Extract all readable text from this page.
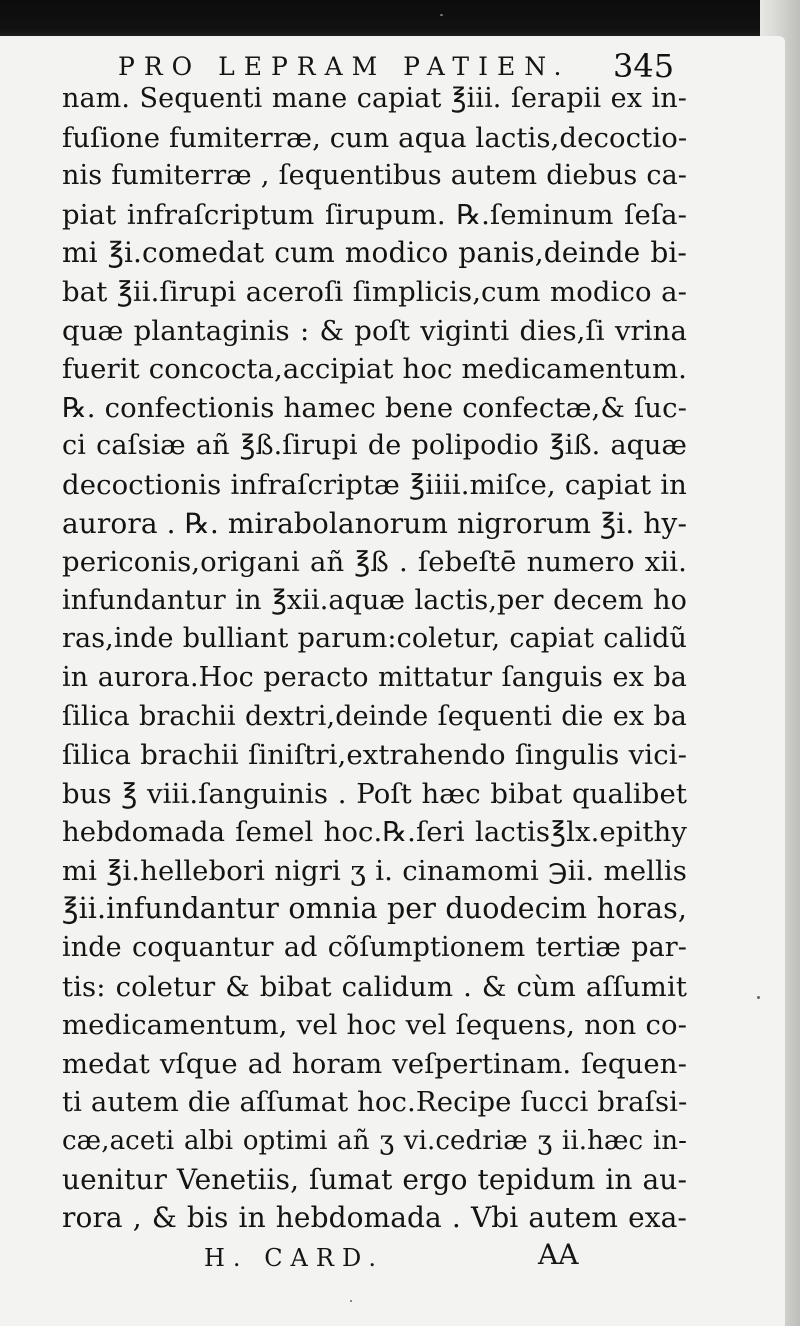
PRO LEPRAM PATIEN. 345
nam. Sequenti mane capiat ℥iii. ſerapii ex in-
fuſione fumiterræ, cum aqua lactis,decoctio-
nis fumiterræ , ſequentibus autem diebus ca-
piat infraſcriptum ſirupum. ℞.ſeminum ſeſa-
mi ℥i.comedat cum modico panis,deinde bi-
bat ℥ii.ſirupi aceroſi ſimplicis,cum modico a-
quæ plantaginis : & poſt viginti dies,ſi vrina
fuerit concocta,accipiat hoc medicamentum.
℞. confectionis hamec bene confectæ,& ſuc-
ci caſsiæ añ ℥ß.ſirupi de polipodio ℥iß. aquæ
decoctionis infraſcriptæ ℥iiii.miſce, capiat in
aurora . ℞. mirabolanorum nigrorum ℥i. hy-
periconis,origani añ ℥ß . ſebeſtē numero xii.
infundantur in ℥xii.aquæ lactis,per decem ho
ras,inde bulliant parum:coletur, capiat calidũ
in aurora.Hoc peracto mittatur ſanguis ex ba
ſilica brachii dextri,deinde ſequenti die ex ba
ſilica brachii ſiniſtri,extrahendo ſingulis vici-
bus ℥ viii.ſanguinis . Poſt hæc bibat qualibet
hebdomada ſemel hoc.℞.ſeri lactis℥lx.epithy
mi ℥i.hellebori nigri ʒ i. cinamomi ℈ii. mellis
℥ii.infundantur omnia per duodecim horas,
inde coquantur ad cõſumptionem tertiæ par-
tis: coletur & bibat calidum . & cùm aſſumit
medicamentum, vel hoc vel ſequens, non co-
medat vſque ad horam veſpertinam. ſequen-
ti autem die aſſumat hoc.Recipe ſucci braſsi-
cæ,aceti albi optimi añ ʒ vi.cedriæ ʒ ii.hæc in-
uenitur Venetiis, ſumat ergo tepidum in au-
rora , & bis in hebdomada . Vbi autem exa-
H. CARD.	AA
